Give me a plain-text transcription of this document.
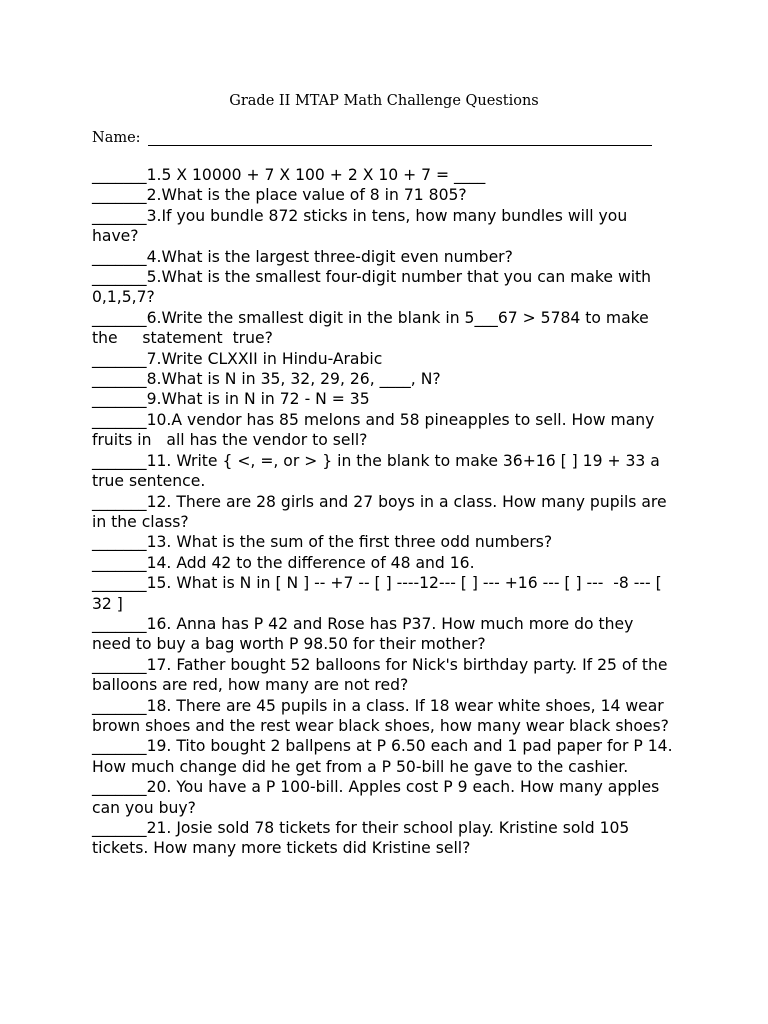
Grade II MTAP Math Challenge Questions
Name:

_______1.5 X 10000 + 7 X 100 + 2 X 10 + 7 = ____

_______2.What is the place value of 8 in 71 805?

_______3.If you bundle 872 sticks in tens, how many bundles will you have?

_______4.What is the largest three-digit even number?

_______5.What is the smallest four-digit number that you can make with 0,1,5,7?

_______6.Write the smallest digit in the blank in 5___67 > 5784 to make the     statement  true?

_______7.Write CLXXII in Hindu-Arabic

_______8.What is N in 35, 32, 29, 26, ____, N?

_______9.What is in N in 72 - N = 35

_______10.A vendor has 85 melons and 58 pineapples to sell. How many fruits in   all has the vendor to sell?

_______11. Write { <, =, or > } in the blank to make 36+16 [ ] 19 + 33 a true sentence.

_______12. There are 28 girls and 27 boys in a class. How many pupils are in the class?

_______13. What is the sum of the first three odd numbers?

_______14. Add 42 to the difference of 48 and 16.

_______15. What is N in [ N ] -- +7 -- [ ] ----12--- [ ] --- +16 --- [ ] ---  -8 --- [ 32 ]

_______16. Anna has P 42 and Rose has P37. How much more do they need to buy a bag worth P 98.50 for their mother?

_______17. Father bought 52 balloons for Nick's birthday party. If 25 of the balloons are red, how many are not red?

_______18. There are 45 pupils in a class. If 18 wear white shoes, 14 wear brown shoes and the rest wear black shoes, how many wear black shoes?

_______19. Tito bought 2 ballpens at P 6.50 each and 1 pad paper for P 14. How much change did he get from a P 50-bill he gave to the cashier.

_______20. You have a P 100-bill. Apples cost P 9 each. How many apples can you buy?

_______21. Josie sold 78 tickets for their school play. Kristine sold 105 tickets. How many more tickets did Kristine sell?
